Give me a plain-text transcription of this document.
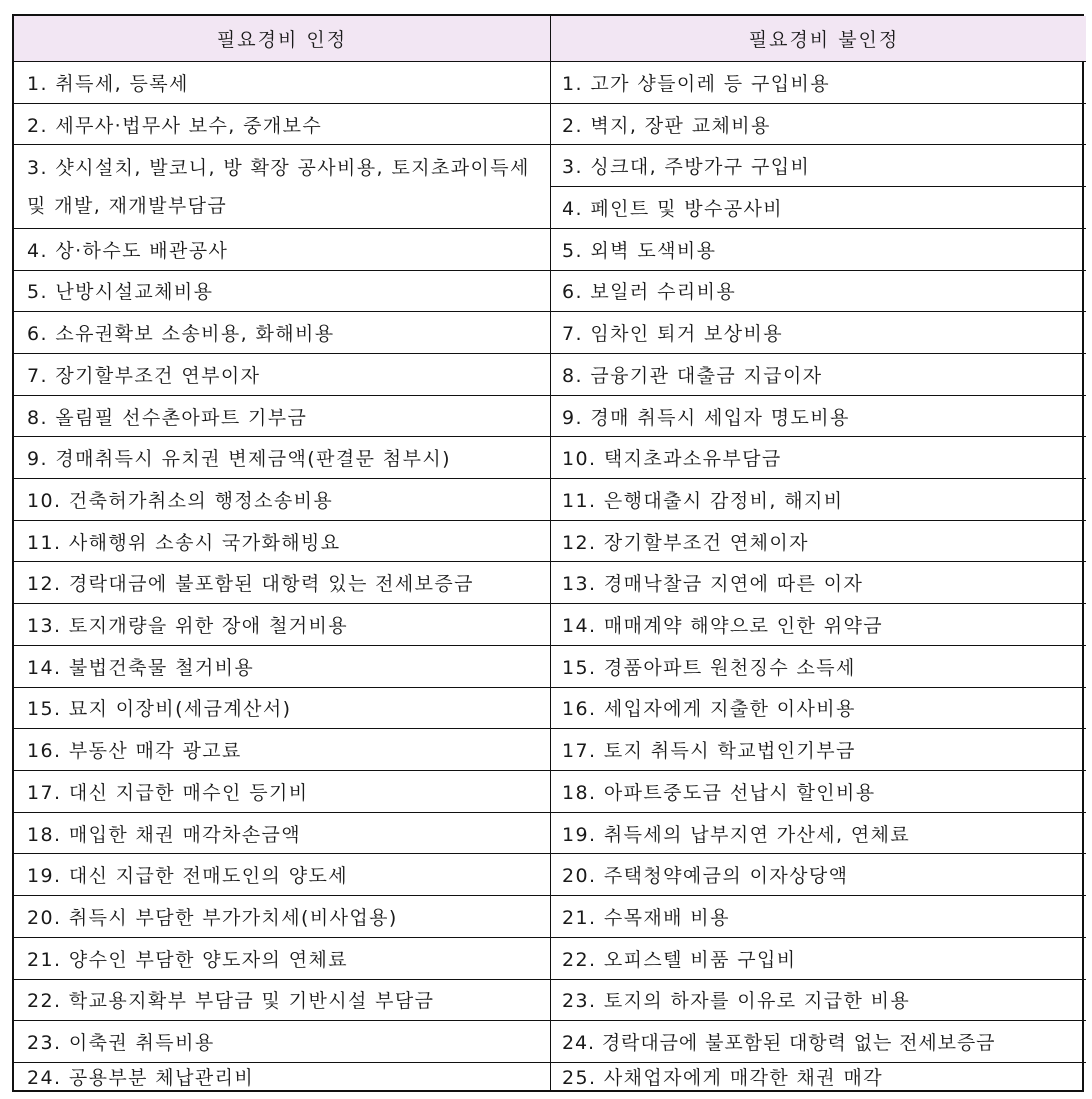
필요경비 인정	필요경비 불인정
1. 취득세, 등록세
2. 세무사·법무사 보수, 중개보수
3. 샷시설치, 발코니, 방 확장 공사비용, 토지초과이득세 및 개발, 재개발부담금
4. 상·하수도 배관공사
5. 난방시설교체비용
6. 소유권확보 소송비용, 화해비용
7. 장기할부조건 연부이자
8. 올림필 선수촌아파트 기부금
9. 경매취득시 유치권 변제금액(판결문 첨부시)
10. 건축허가취소의 행정소송비용
11. 사해행위 소송시 국가화해빙요
12. 경락대금에 불포함된 대항력 있는 전세보증금
13. 토지개량을 위한 장애 철거비용
14. 불법건축물 철거비용
15. 묘지 이장비(세금계산서)
16. 부동산 매각 광고료
17. 대신 지급한 매수인 등기비
18. 매입한 채권 매각차손금액
19. 대신 지급한 전매도인의 양도세
20. 취득시 부담한 부가가치세(비사업용)
21. 양수인 부담한 양도자의 연체료
22. 학교용지확부 부담금 및 기반시설 부담금
23. 이축권 취득비용
24. 공용부분 체납관리비
1. 고가 샹들이레 등 구입비용
2. 벽지, 장판 교체비용
3. 싱크대, 주방가구 구입비
4. 페인트 및 방수공사비
5. 외벽 도색비용
6. 보일러 수리비용
7. 임차인 퇴거 보상비용
8. 금융기관 대출금 지급이자
9. 경매 취득시 세입자 명도비용
10. 택지초과소유부담금
11. 은행대출시 감정비, 해지비
12. 장기할부조건 연체이자
13. 경매낙찰금 지연에 따른 이자
14. 매매계약 해약으로 인한 위약금
15. 경품아파트 원천징수 소득세
16. 세입자에게 지출한 이사비용
17. 토지 취득시 학교법인기부금
18. 아파트중도금 선납시 할인비용
19. 취득세의 납부지연 가산세, 연체료
20. 주택청약예금의 이자상당액
21. 수목재배 비용
22. 오피스텔 비품 구입비
23. 토지의 하자를 이유로 지급한 비용
24. 경락대금에 불포함된 대항력 없는 전세보증금
25. 사채업자에게 매각한 채권 매각
